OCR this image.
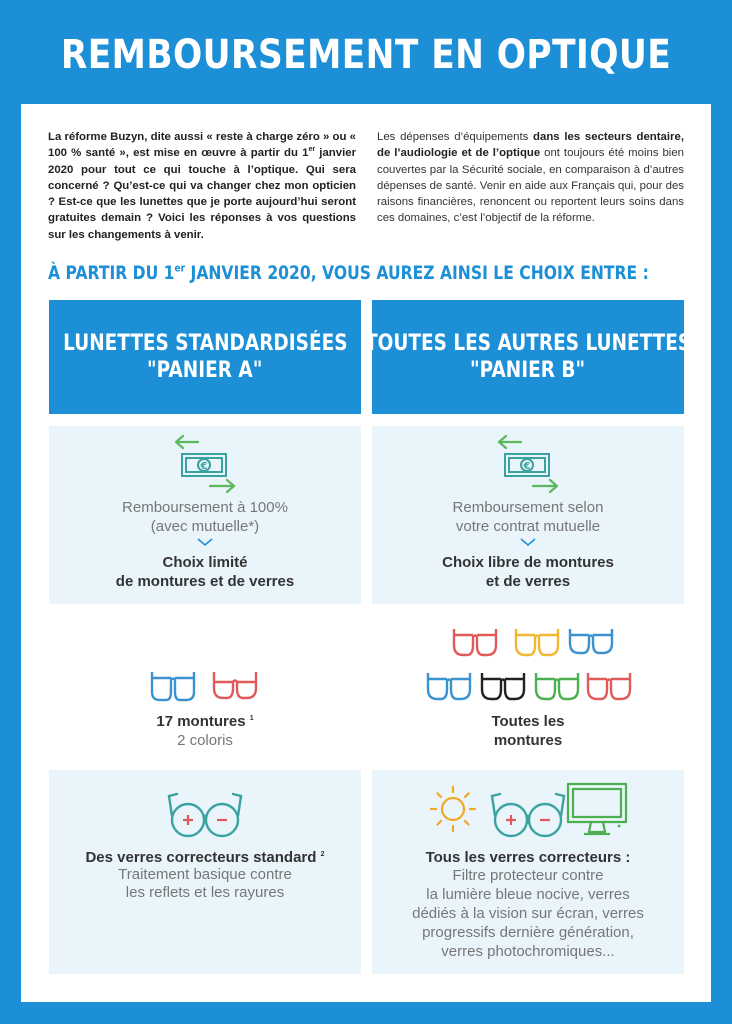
REMBOURSEMENT EN OPTIQUE
La réforme Buzyn, dite aussi « reste à charge zéro » ou « 100 % santé », est mise en œuvre à partir du 1er janvier 2020 pour tout ce qui touche à l’optique. Qui sera concerné ? Qu’est-ce qui va changer chez mon opticien ? Est-ce que les lunettes que je porte aujourd’hui seront gratuites demain ? Voici les réponses à vos questions sur les changements à venir.
Les dépenses d’équipements dans les secteurs dentaire, de l’audiologie et de l’optique ont toujours été moins bien couvertes par la Sécurité sociale, en comparaison à d’autres dépenses de santé. Venir en aide aux Français qui, pour des raisons financières, renoncent ou reportent leurs soins dans ces domaines, c’est l’objectif de la réforme.
À PARTIR DU 1er JANVIER 2020, VOUS AUREZ AINSI LE CHOIX ENTRE :
LUNETTES STANDARDISÉES
"PANIER A"
TOUTES LES AUTRES LUNETTES
"PANIER B"
€
Remboursement à 100%
(avec mutuelle*)
Choix limité
de montures et de verres
€
Remboursement selon
votre contrat mutuelle
Choix libre de montures
et de verres
17 montures $^1$
2 coloris
Toutes les
montures
Des verres correcteurs standard $^2$
Traitement basique contre
les reflets et les rayures
Tous les verres correcteurs :
Filtre protecteur contre
la lumière bleue nocive, verres
dédiés à la vision sur écran, verres
progressifs dernière génération,
verres photochromiques...
